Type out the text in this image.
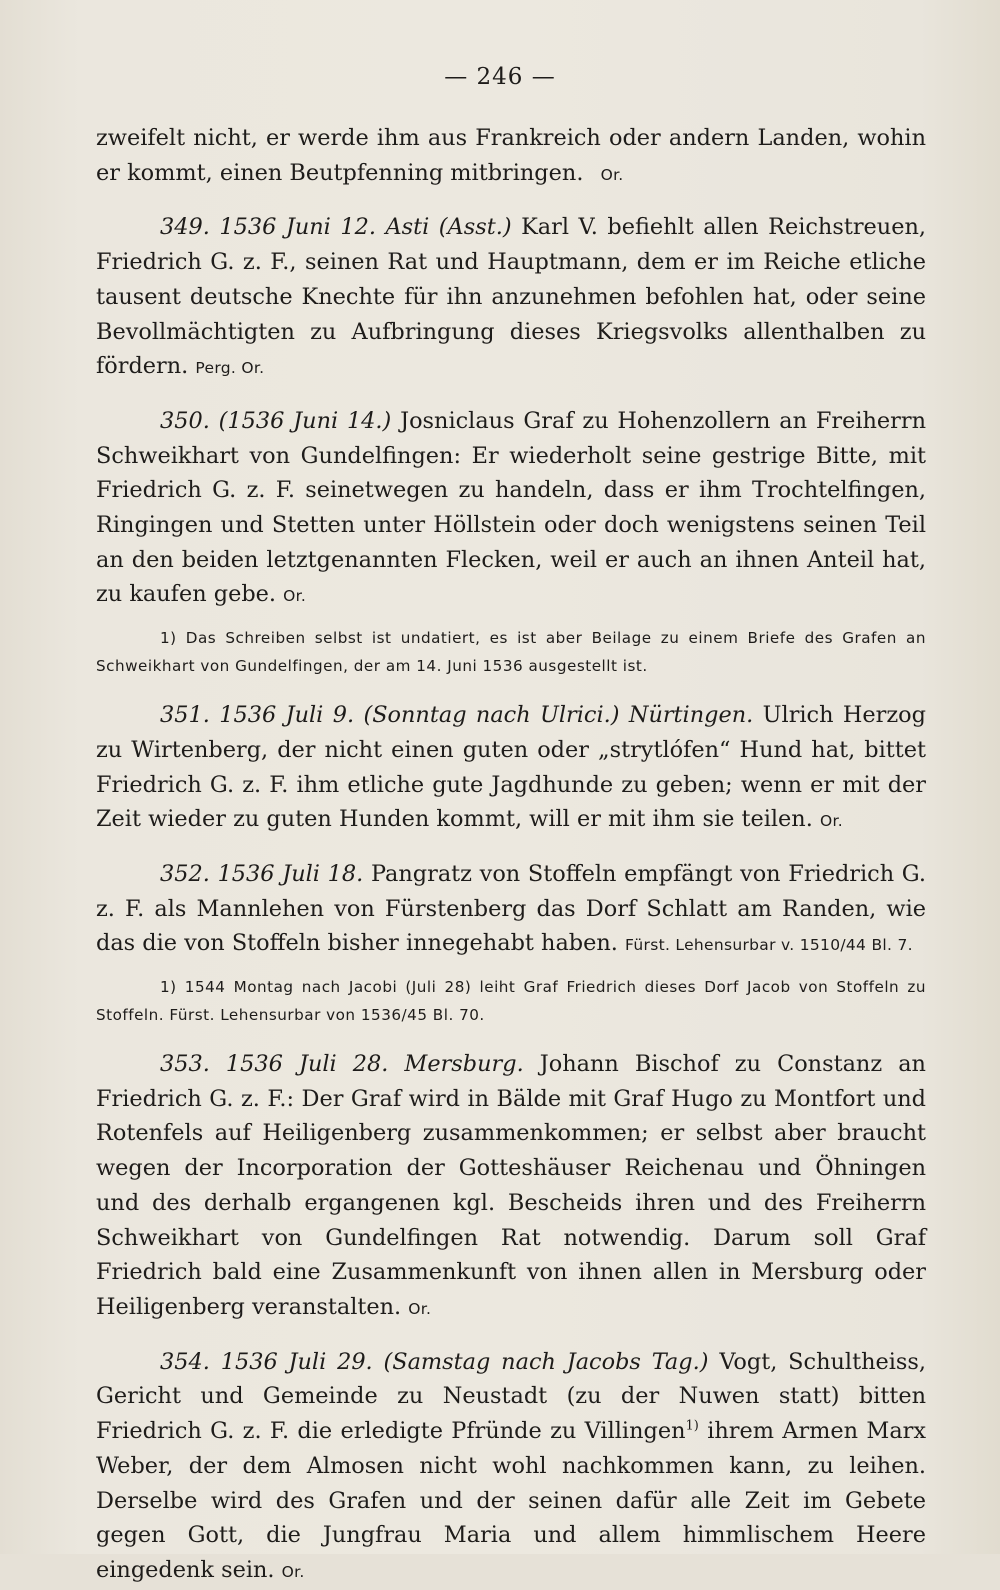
— 246 —

zweifelt nicht, er werde ihm aus Frankreich oder andern Landen, wohin er kommt, einen Beutpfenning mitbringen. Or.

349. 1536 Juni 12. Asti (Asst.) Karl V. befiehlt allen Reichstreuen, Friedrich G. z. F., seinen Rat und Hauptmann, dem er im Reiche etliche tausent deutsche Knechte für ihn anzunehmen befohlen hat, oder seine Bevollmächtigten zu Aufbringung dieses Kriegsvolks allenthalben zu fördern. Perg. Or.

350. (1536 Juni 14.) Josniclaus Graf zu Hohenzollern an Freiherrn Schweikhart von Gundelfingen: Er wiederholt seine gestrige Bitte, mit Friedrich G. z. F. seinetwegen zu handeln, dass er ihm Trochtelfingen, Ringingen und Stetten unter Höllstein oder doch wenigstens seinen Teil an den beiden letztgenannten Flecken, weil er auch an ihnen Anteil hat, zu kaufen gebe. Or.

1) Das Schreiben selbst ist undatiert, es ist aber Beilage zu einem Briefe des Grafen an Schweikhart von Gundelfingen, der am 14. Juni 1536 ausgestellt ist.

351. 1536 Juli 9. (Sonntag nach Ulrici.) Nürtingen. Ulrich Herzog zu Wirtenberg, der nicht einen guten oder „strytlófen“ Hund hat, bittet Friedrich G. z. F. ihm etliche gute Jagdhunde zu geben; wenn er mit der Zeit wieder zu guten Hunden kommt, will er mit ihm sie teilen. Or.

352. 1536 Juli 18. Pangratz von Stoffeln empfängt von Friedrich G. z. F. als Mannlehen von Fürstenberg das Dorf Schlatt am Randen, wie das die von Stoffeln bisher innegehabt haben. Fürst. Lehensurbar v. 1510/44 Bl. 7.

1) 1544 Montag nach Jacobi (Juli 28) leiht Graf Friedrich dieses Dorf Jacob von Stoffeln zu Stoffeln. Fürst. Lehensurbar von 1536/45 Bl. 70.

353. 1536 Juli 28. Mersburg. Johann Bischof zu Constanz an Friedrich G. z. F.: Der Graf wird in Bälde mit Graf Hugo zu Montfort und Rotenfels auf Heiligenberg zusammenkommen; er selbst aber braucht wegen der Incorporation der Gotteshäuser Reichenau und Öhningen und des derhalb ergangenen kgl. Bescheids ihren und des Freiherrn Schweikhart von Gundelfingen Rat notwendig. Darum soll Graf Friedrich bald eine Zusammenkunft von ihnen allen in Mersburg oder Heiligenberg veranstalten. Or.

354. 1536 Juli 29. (Samstag nach Jacobs Tag.) Vogt, Schultheiss, Gericht und Gemeinde zu Neustadt (zu der Nuwen statt) bitten Friedrich G. z. F. die erledigte Pfründe zu Villingen$^{1)}$ ihrem Armen Marx Weber, der dem Almosen nicht wohl nachkommen kann, zu leihen. Derselbe wird des Grafen und der seinen dafür alle Zeit im Gebete gegen Gott, die Jungfrau Maria und allem himmlischem Heere eingedenk sein. Or.
